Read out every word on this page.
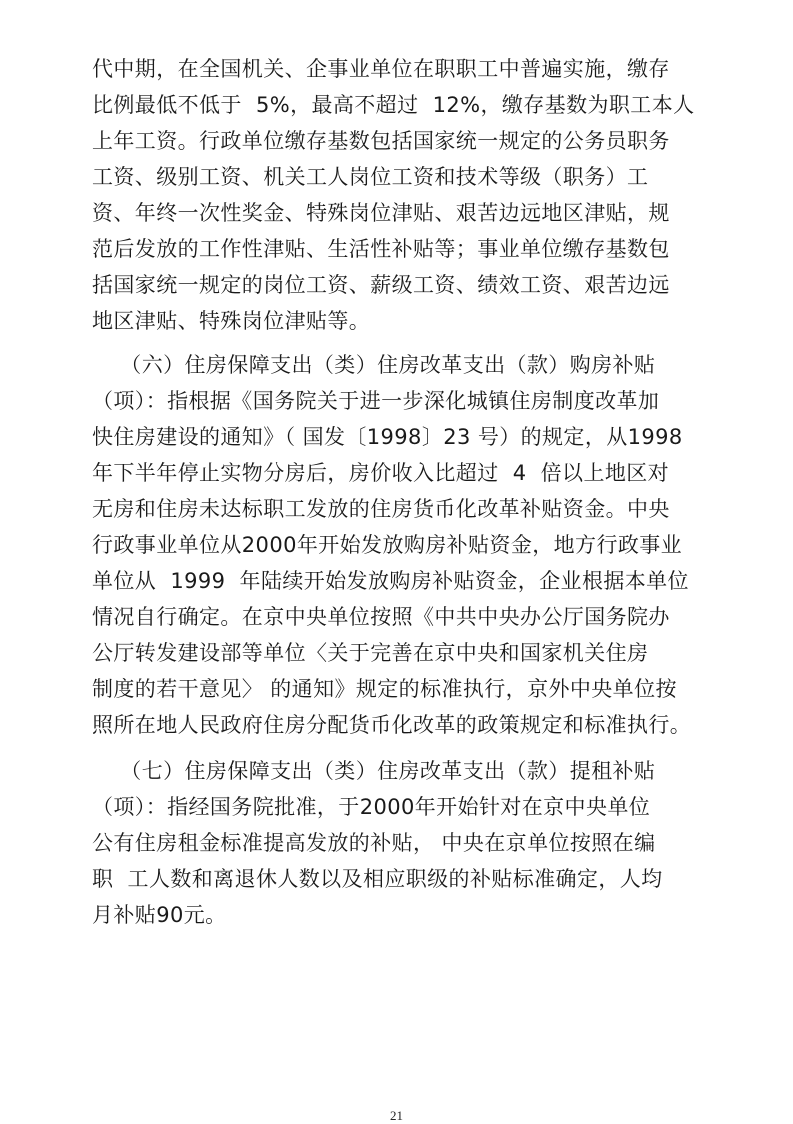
代中期，在全国机关、企事业单位在职职工中普遍实施，缴存
比例最低不低于  5%，最高不超过  12%，缴存基数为职工本人
上年工资。行政单位缴存基数包括国家统一规定的公务员职务
工资、级别工资、机关工人岗位工资和技术等级（职务）工
资、年终一次性奖金、特殊岗位津贴、艰苦边远地区津贴，规
范后发放的工作性津贴、生活性补贴等；事业单位缴存基数包
括国家统一规定的岗位工资、薪级工资、绩效工资、艰苦边远
地区津贴、特殊岗位津贴等。
（六）住房保障支出（类）住房改革支出（款）购房补贴
（项）：指根据《国务院关于进一步深化城镇住房制度改革加
快住房建设的通知》（ 国发〔1998〕23 号）的规定，从1998
年下半年停止实物分房后，房价收入比超过  4  倍以上地区对
无房和住房未达标职工发放的住房货币化改革补贴资金。中央
行政事业单位从2000年开始发放购房补贴资金，地方行政事业
单位从  1999  年陆续开始发放购房补贴资金，企业根据本单位
情况自行确定。在京中央单位按照《中共中央办公厅国务院办
公厅转发建设部等单位〈关于完善在京中央和国家机关住房
制度的若干意见〉 的通知》规定的标准执行，京外中央单位按
照所在地人民政府住房分配货币化改革的政策规定和标准执行。
（七）住房保障支出（类）住房改革支出（款）提租补贴
（项）：指经国务院批准，于2000年开始针对在京中央单位
公有住房租金标准提高发放的补贴， 中央在京单位按照在编
职  工人数和离退休人数以及相应职级的补贴标准确定，人均
月补贴90元。
21
